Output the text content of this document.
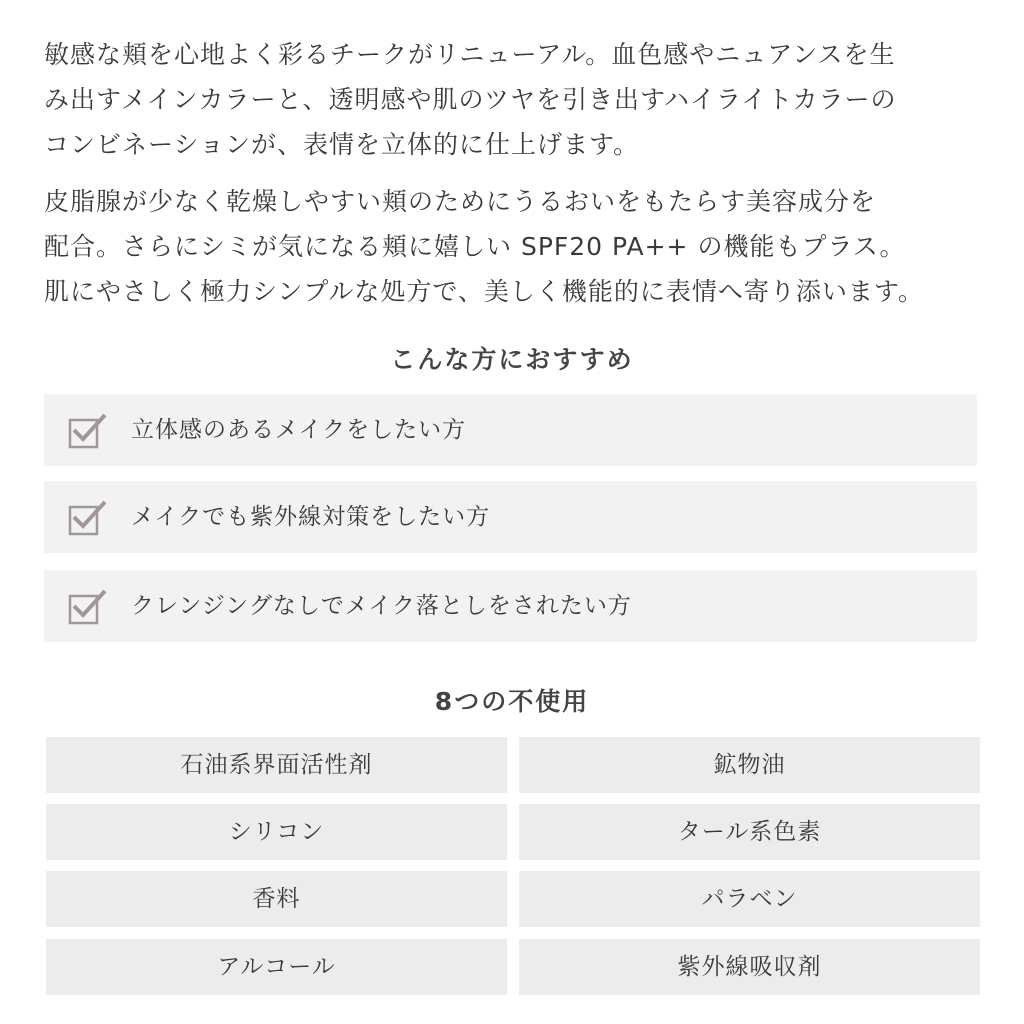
敏感な頬を心地よく彩るチークがリニューアル。血色感やニュアンスを生
み出すメインカラーと、透明感や肌のツヤを引き出すハイライトカラーの
コンビネーションが、表情を立体的に仕上げます。

皮脂腺が少なく乾燥しやすい頬のためにうるおいをもたらす美容成分を
配合。さらにシミが気になる頬に嬉しい SPF20 PA++ の機能もプラス。
肌にやさしく極力シンプルな処方で、美しく機能的に表情へ寄り添います。

こんな方におすすめ
立体感のあるメイクをしたい方
メイクでも紫外線対策をしたい方
クレンジングなしでメイク落としをされたい方
8つの不使用
石油系界面活性剤	鉱物油
シリコン	タール系色素
香料	パラベン
アルコール	紫外線吸収剤
